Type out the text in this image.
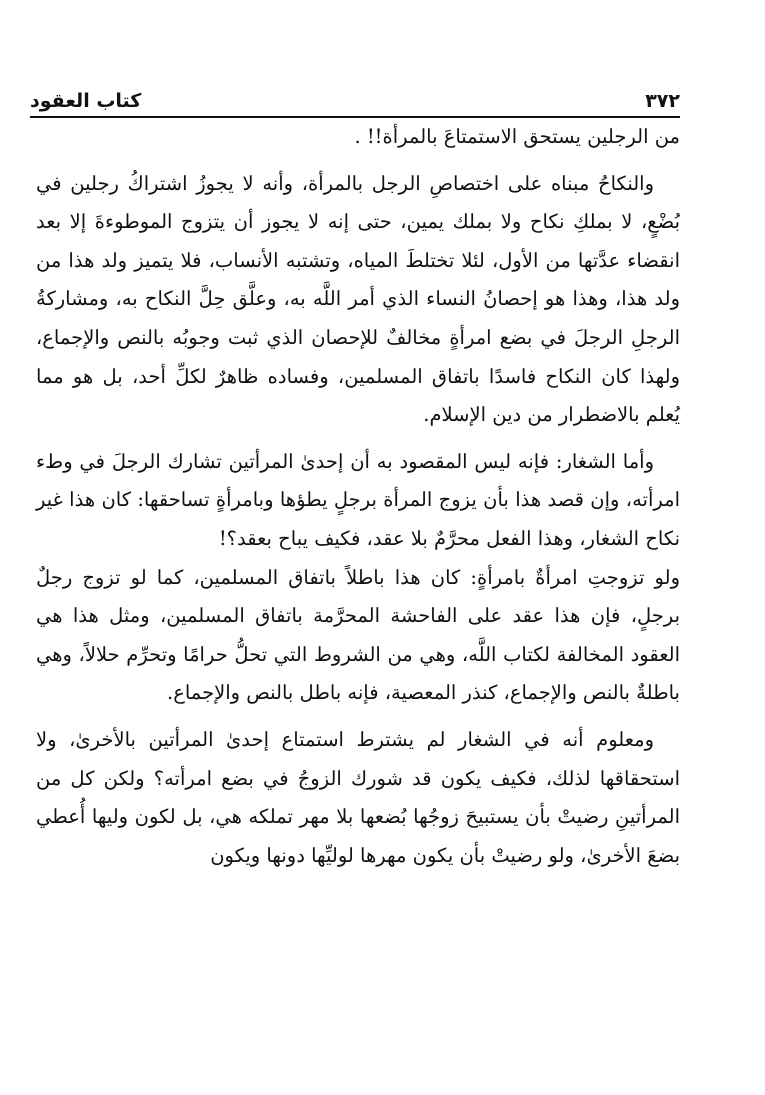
٣٧٢
كتاب العقود

من الرجلين يستحق الاستمتاعَ بالمرأة!! .

والنكاحُ مبناه على اختصاصِ الرجل بالمرأة، وأنه لا يجوزُ اشتراكُ رجلين في بُضْعٍ، لا بملكِ نكاح ولا بملك يمين، حتى إنه لا يجوز أن يتزوج الموطوءةَ إلا بعد انقضاء عدَّتها من الأول، لئلا تختلطَ المياه، وتشتبه الأنساب، فلا يتميز ولد هذا من ولد هذا، وهذا هو إحصانُ النساء الذي أمر اللَّه به، وعلَّق حِلَّ النكاح به، ومشاركةُ الرجلِ الرجلَ في بضع امرأةٍ مخالفٌ للإحصان الذي ثبت وجوبُه بالنص والإجماع، ولهذا كان النكاح فاسدًا باتفاق المسلمين، وفساده ظاهرٌ لكلِّ أحد، بل هو مما يُعلم بالاضطرار من دين الإسلام.

وأما الشغار: فإنه ليس المقصود به أن إحدىٰ المرأتين تشارك الرجلَ في وطء امرأته، وإن قصد هذا بأن يزوج المرأة برجلٍ يطؤها وبامرأةٍ تساحقها: كان هذا غير نكاح الشغار، وهذا الفعل محرَّمٌ بلا عقد، فكيف يباح بعقد؟!

ولو تزوجتِ امرأةٌ بامرأةٍ: كان هذا باطلاً باتفاق المسلمين، كما لو تزوج رجلٌ برجلٍ، فإن هذا عقد على الفاحشة المحرَّمة باتفاق المسلمين، ومثل هذا هي العقود المخالفة لكتاب اللَّه، وهي من الشروط التي تحلُّ حرامًا وتحرِّم حلالاً، وهي باطلةٌ بالنص والإجماع، كنذر المعصية، فإنه باطل بالنص والإجماع.

ومعلوم أنه في الشغار لم يشترط استمتاع إحدىٰ المرأتين بالأخرىٰ، ولا استحقاقها لذلك، فكيف يكون قد شورك الزوجُ في بضع امرأته؟ ولكن كل من المرأتينِ رضيتْ بأن يستبيحَ زوجُها بُضعها بلا مهر تملكه هي، بل لكون وليها أُعطي بضعَ الأخرىٰ، ولو رضيتْ بأن يكون مهرها لوليِّها دونها ويكون
